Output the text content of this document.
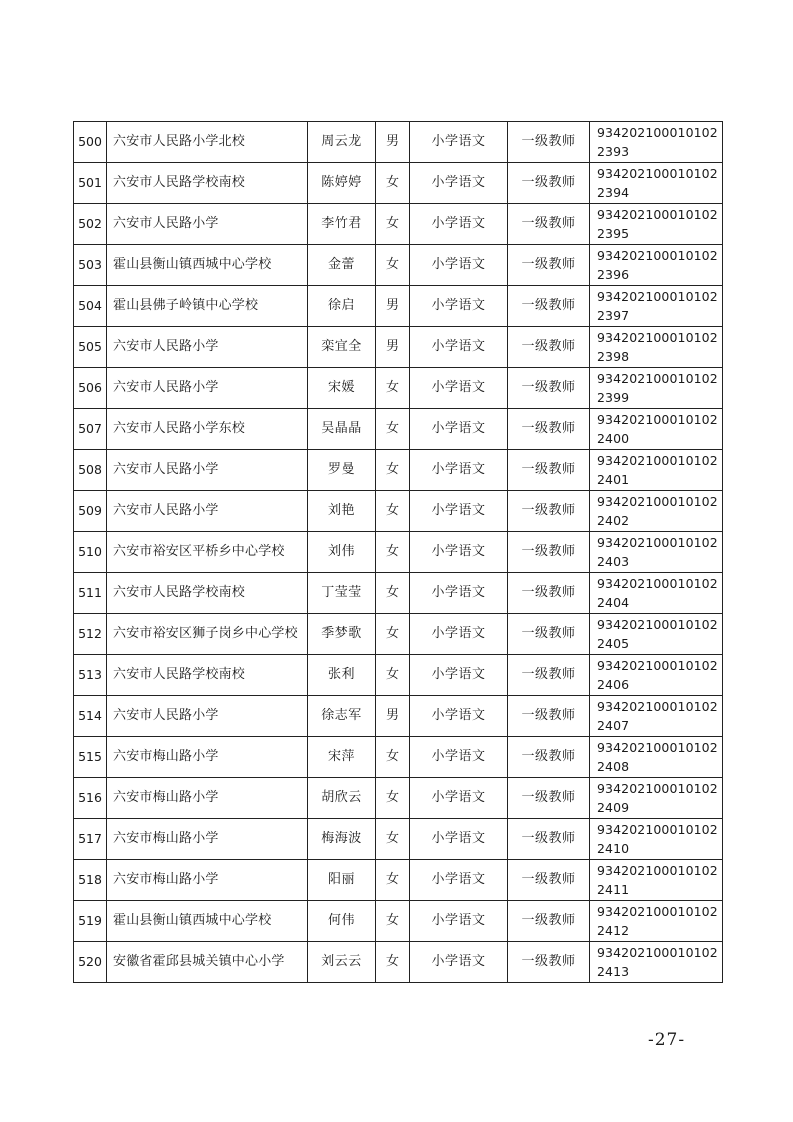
500	六安市人民路小学北校	周云龙	男	小学语文	一级教师	9342021000101022393
501	六安市人民路学校南校	陈婷婷	女	小学语文	一级教师	9342021000101022394
502	六安市人民路小学	李竹君	女	小学语文	一级教师	9342021000101022395
503	霍山县衡山镇西城中心学校	金蕾	女	小学语文	一级教师	9342021000101022396
504	霍山县佛子岭镇中心学校	徐启	男	小学语文	一级教师	9342021000101022397
505	六安市人民路小学	栾宜全	男	小学语文	一级教师	9342021000101022398
506	六安市人民路小学	宋媛	女	小学语文	一级教师	9342021000101022399
507	六安市人民路小学东校	吴晶晶	女	小学语文	一级教师	9342021000101022400
508	六安市人民路小学	罗曼	女	小学语文	一级教师	9342021000101022401
509	六安市人民路小学	刘艳	女	小学语文	一级教师	9342021000101022402
510	六安市裕安区平桥乡中心学校	刘伟	女	小学语文	一级教师	9342021000101022403
511	六安市人民路学校南校	丁莹莹	女	小学语文	一级教师	9342021000101022404
512	六安市裕安区狮子岗乡中心学校	季梦歌	女	小学语文	一级教师	9342021000101022405
513	六安市人民路学校南校	张利	女	小学语文	一级教师	9342021000101022406
514	六安市人民路小学	徐志军	男	小学语文	一级教师	9342021000101022407
515	六安市梅山路小学	宋萍	女	小学语文	一级教师	9342021000101022408
516	六安市梅山路小学	胡欣云	女	小学语文	一级教师	9342021000101022409
517	六安市梅山路小学	梅海波	女	小学语文	一级教师	9342021000101022410
518	六安市梅山路小学	阳丽	女	小学语文	一级教师	9342021000101022411
519	霍山县衡山镇西城中心学校	何伟	女	小学语文	一级教师	9342021000101022412
520	安徽省霍邱县城关镇中心小学	刘云云	女	小学语文	一级教师	9342021000101022413
-27-
